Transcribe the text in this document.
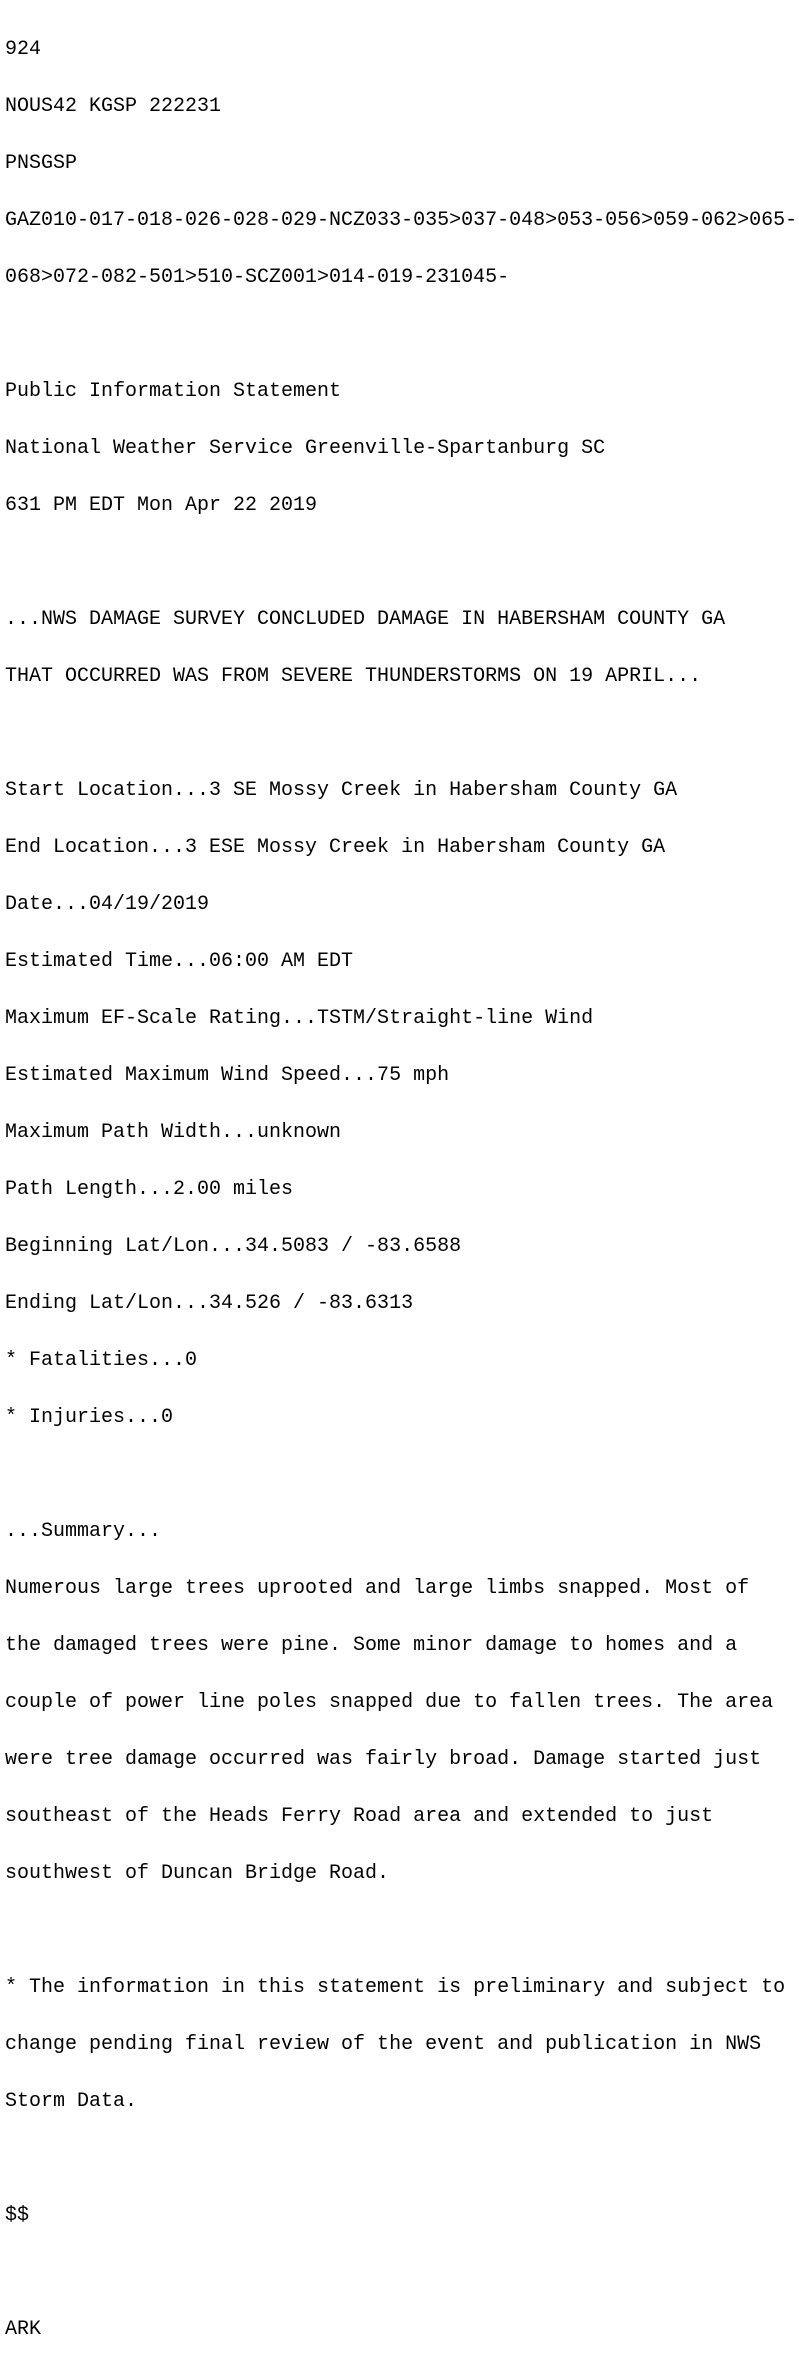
924

NOUS42 KGSP 222231

PNSGSP

GAZ010-017-018-026-028-029-NCZ033-035>037-048>053-056>059-062>065-

068>072-082-501>510-SCZ001>014-019-231045-

Public Information Statement

National Weather Service Greenville-Spartanburg SC

631 PM EDT Mon Apr 22 2019

...NWS DAMAGE SURVEY CONCLUDED DAMAGE IN HABERSHAM COUNTY GA

THAT OCCURRED WAS FROM SEVERE THUNDERSTORMS ON 19 APRIL...

Start Location...3 SE Mossy Creek in Habersham County GA

End Location...3 ESE Mossy Creek in Habersham County GA

Date...04/19/2019

Estimated Time...06:00 AM EDT

Maximum EF-Scale Rating...TSTM/Straight-line Wind

Estimated Maximum Wind Speed...75 mph

Maximum Path Width...unknown

Path Length...2.00 miles

Beginning Lat/Lon...34.5083 / -83.6588

Ending Lat/Lon...34.526 / -83.6313

* Fatalities...0

* Injuries...0

...Summary...

Numerous large trees uprooted and large limbs snapped. Most of

the damaged trees were pine. Some minor damage to homes and a

couple of power line poles snapped due to fallen trees. The area

were tree damage occurred was fairly broad. Damage started just

southeast of the Heads Ferry Road area and extended to just

southwest of Duncan Bridge Road.

* The information in this statement is preliminary and subject to

change pending final review of the event and publication in NWS

Storm Data.

$$

ARK
